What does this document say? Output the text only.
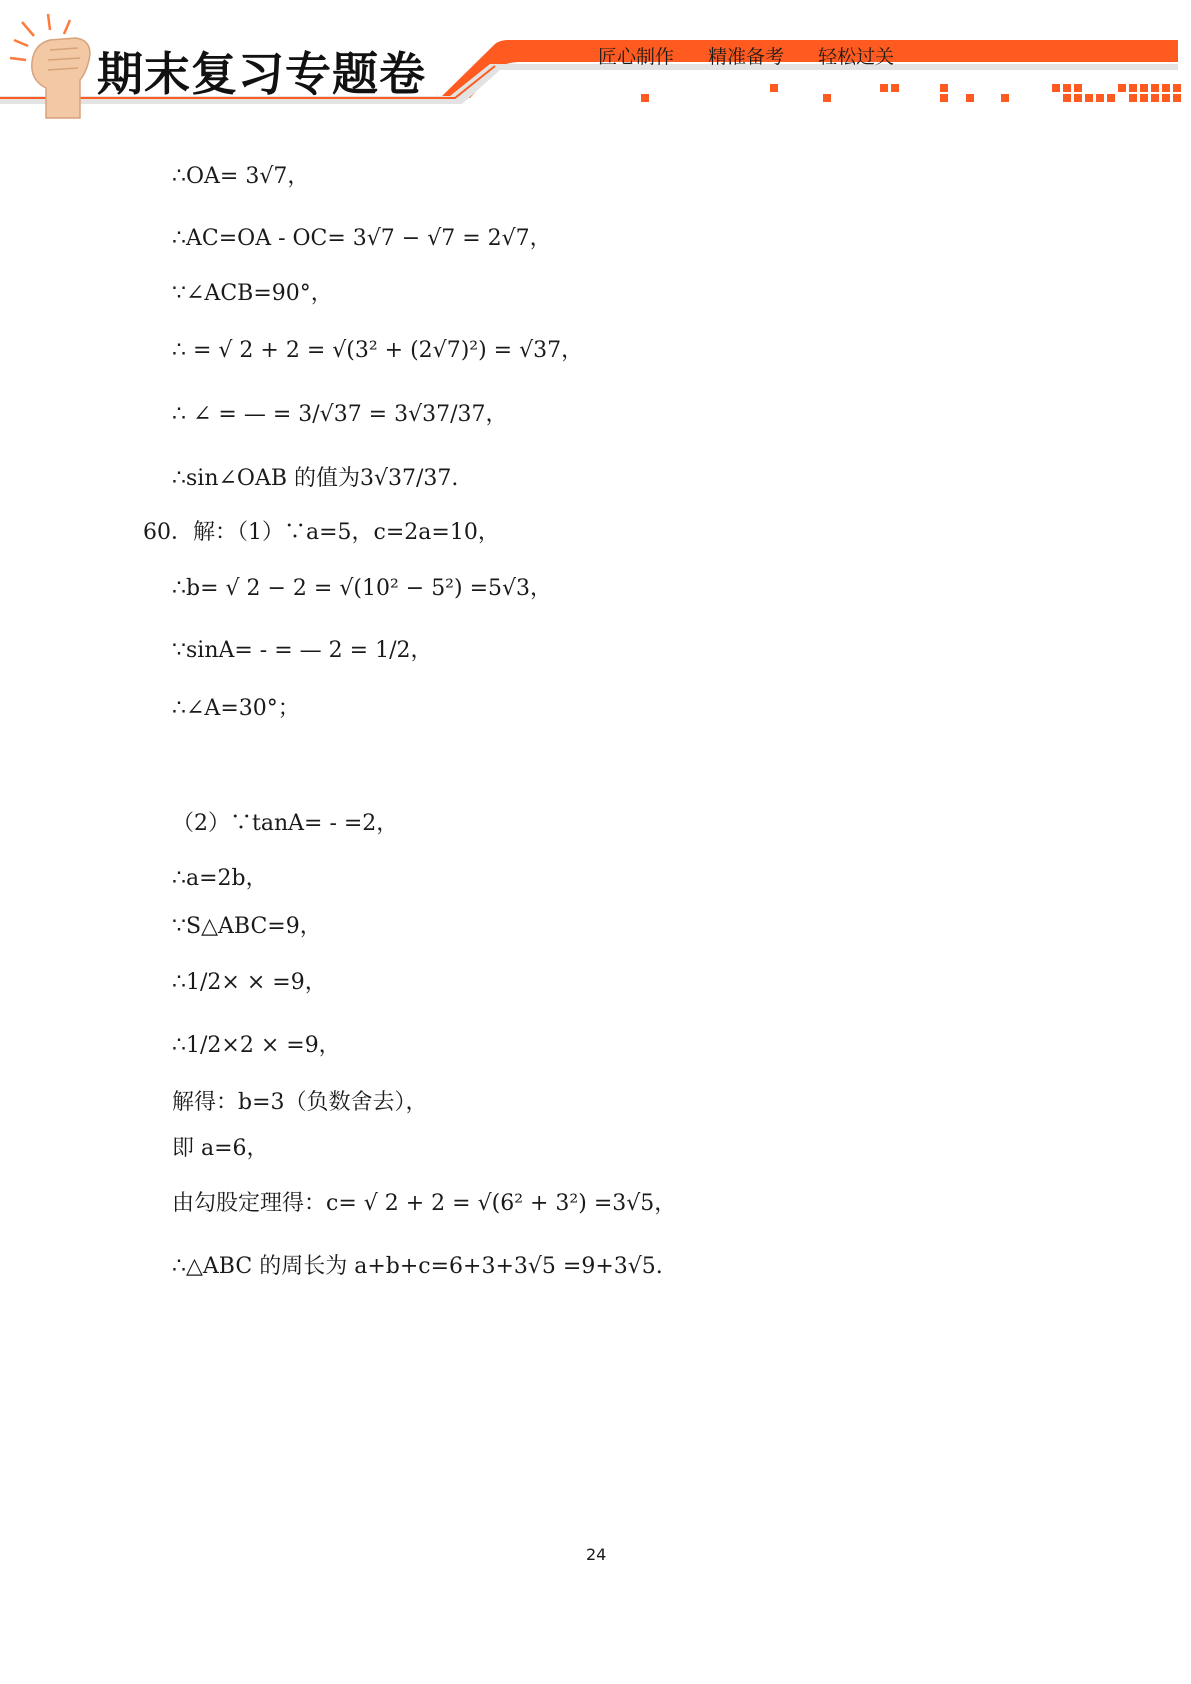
期末复习专题卷	匠心制作 精准备考 轻松过关
∴OA= 3√7，
∴AC=OA - OC= 3√7 − √7 = 2√7，
∵∠ACB=90°，
∴ = √ 2 + 2 = √(3² + (2√7)²) = √37，
∴ ∠ = — = 3/√37 = 3√37/37，
∴sin∠OAB 的值为3√37/37.
60．解：（1）∵a=5，c=2a=10，
∴b= √ 2 − 2 = √(10² − 5²) =5√3，
∵sinA= - = — 2 = 1/2，
∴∠A=30°；
（2）∵tanA= - =2，
∴a=2b，
∵S△ABC=9，
∴1/2× × =9，
∴1/2×2 × =9，
解得：b=3（负数舍去），
即 a=6，
由勾股定理得：c= √ 2 + 2 = √(6² + 3²) =3√5，
∴△ABC 的周长为 a+b+c=6+3+3√5 =9+3√5.
24
